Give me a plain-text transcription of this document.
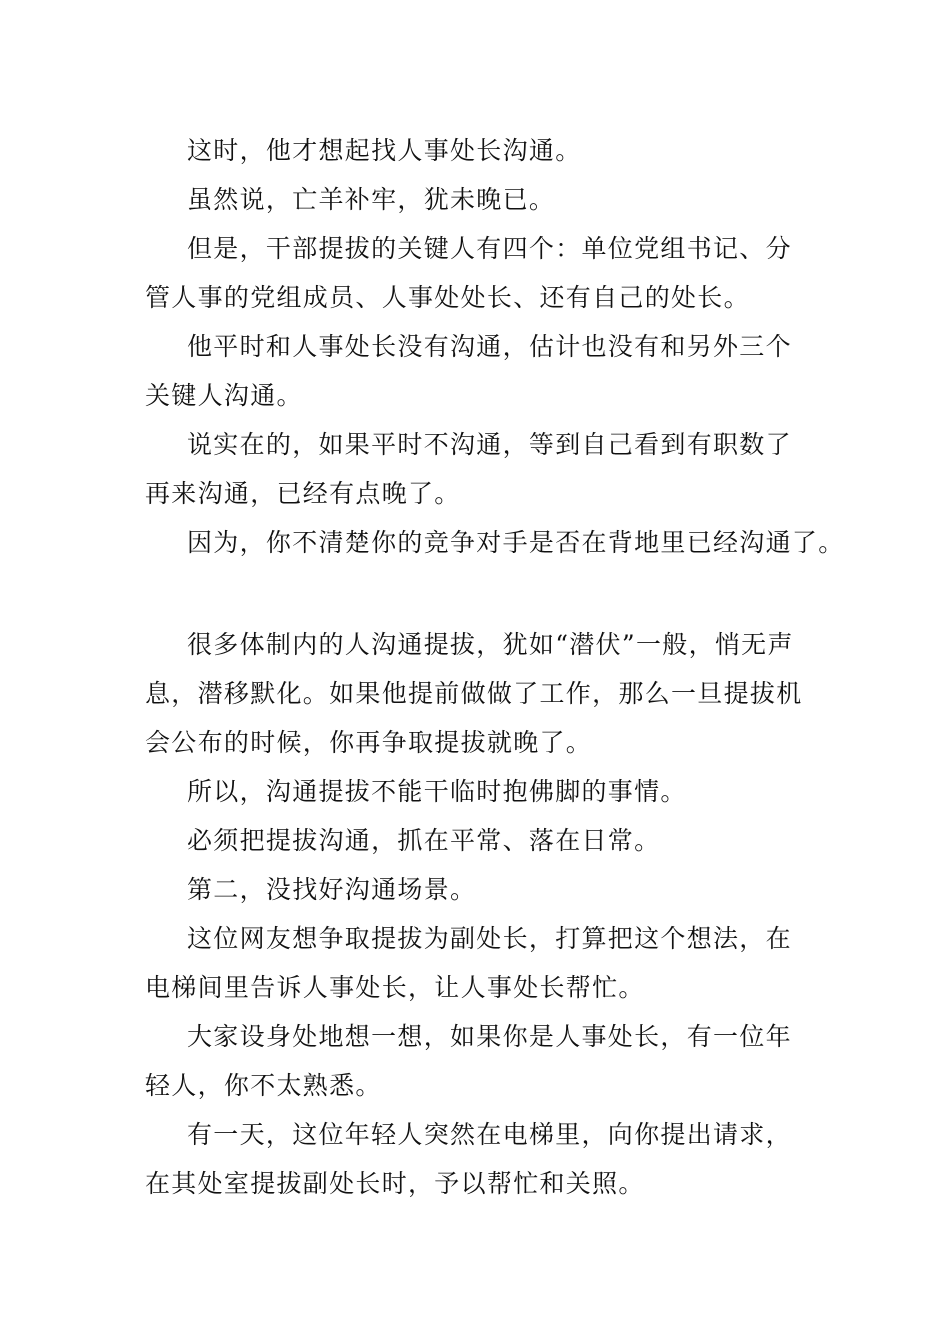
这时，他才想起找人事处长沟通。

虽然说，亡羊补牢，犹未晚已。

但是，干部提拔的关键人有四个：单位党组书记、分管人事的党组成员、人事处处长、还有自己的处长。

他平时和人事处长没有沟通，估计也没有和另外三个关键人沟通。

说实在的，如果平时不沟通，等到自己看到有职数了再来沟通，已经有点晚了。

因为，你不清楚你的竞争对手是否在背地里已经沟通了。

很多体制内的人沟通提拔，犹如“潜伏”一般，悄无声息，潜移默化。如果他提前做做了工作，那么一旦提拔机会公布的时候，你再争取提拔就晚了。

所以，沟通提拔不能干临时抱佛脚的事情。

必须把提拔沟通，抓在平常、落在日常。

第二，没找好沟通场景。

这位网友想争取提拔为副处长，打算把这个想法，在电梯间里告诉人事处长，让人事处长帮忙。

大家设身处地想一想，如果你是人事处长，有一位年轻人，你不太熟悉。

有一天，这位年轻人突然在电梯里，向你提出请求，在其处室提拔副处长时，予以帮忙和关照。
